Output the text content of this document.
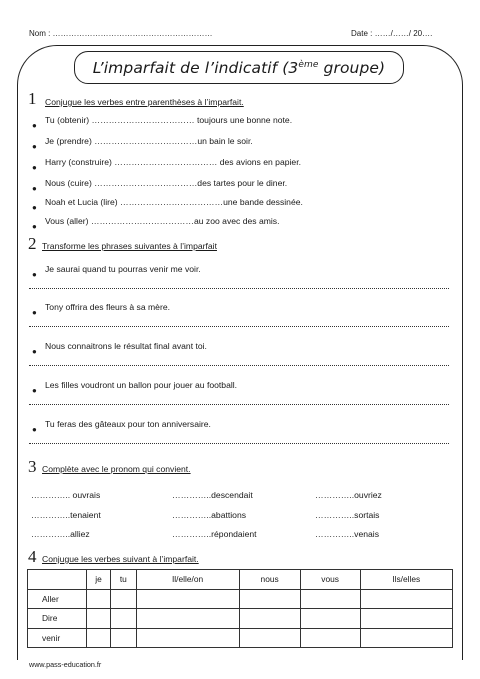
Nom : ……………………………………………………	Date : ……/……/ 20….
L’imparfait de l’indicatif (3ème groupe)
1 Conjugue les verbes entre parenthèses à l’imparfait.
●
Tu (obtenir) ……………………………… toujours une bonne note.
●
Je (prendre) ………………………………un bain le soir.
●
Harry (construire) ……………………………… des avions en papier.
●
Nous (cuire) ………………………………des tartes pour le diner.
●
Noah et Lucia (lire) ………………………………une bande dessinée.
●
Vous (aller) ………………………………au zoo avec des amis.
2 Transforme les phrases suivantes à l’imparfait
●
Je saurai quand tu pourras venir me voir.
●
Tony offrira des fleurs à sa mère.
●
Nous connaitrons le résultat final avant toi.
●
Les filles voudront un ballon pour jouer au football.
●
Tu feras des gâteaux pour ton anniversaire.
3 Complète avec le pronom qui convient.
………….. ouvrais	…………..descendait	…………..ouvriez
…………..tenaient	…………..abattions	…………..sortais
…………..alliez	…………..répondaient	…………..venais
4 Conjugue les verbes suivant à l’imparfait.
	je	tu	Il/elle/on	nous	vous	Ils/elles
Aller						
Dire						
venir						
www.pass-education.fr
